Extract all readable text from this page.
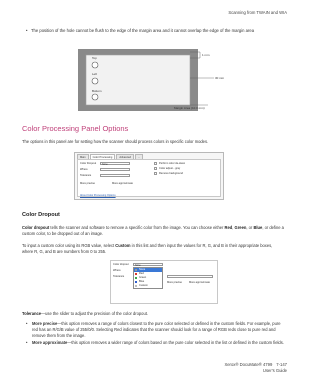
Scanning from TWAIN and WIA
• The position of the hole cannot be flush to the edge of the margin area and it cannot overlap the edge of the margin area

Top
Left
Bottom
1 mm
30 mm
Margin Area (10.0 mm)
Color Processing Panel Options

The options in this panel are for setting how the scanner should process colors in specific color modes.

Main	Color Processing	Advanced	...
Color Dropout None
Where
Tolerance
More precise	More approximate
Perform color de-skew
Color adjust - gray
Remove background
About Color Processing Options
Color Dropout

Color dropout tells the scanner and software to remove a specific color from the image. You can choose either Red, Green, or Blue, or define a custom color, to be dropped out of an image.

To input a custom color using its RGB value, select Custom in this list and then input the values for R, G, and B in their appropriate boxes, where R, G, and B are numbers from 0 to 255.

Color dropout	None
None
Red
Green
Blue
Custom
Where
Tolerance
More precise	More approximate

Tolerance—use the slider to adjust the precision of the color dropout.

• More precise—this option removes a range of colors closest to the pure color selected or defined in the custom fields. For example, pure red has an R/G/B value of 255/0/0. Selecting Red indicates that the scanner should look for a range of RGB reds close to pure red and remove them from the image.
• More approximate—this option removes a wider range of colors based on the pure color selected in the list or defined in the custom fields.
Xerox® DocuMate® 4799 7-147
User's Guide
